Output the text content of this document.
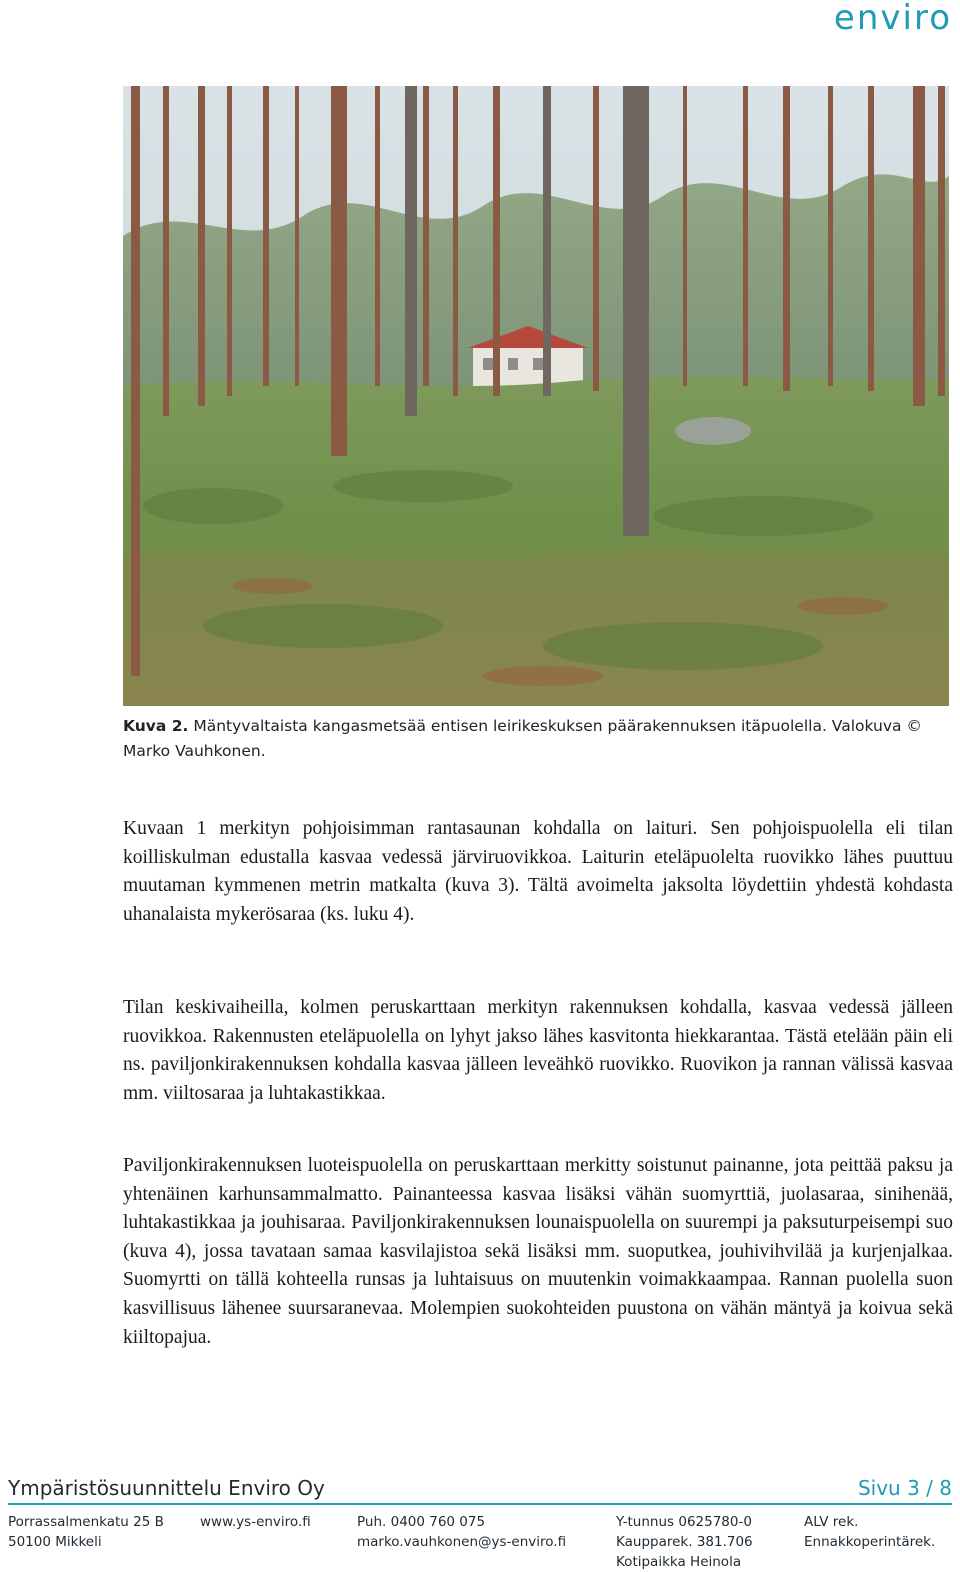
enviro
Kuva 2. Mäntyvaltaista kangasmetsää entisen leirikeskuksen päärakennuksen itäpuolella. Valokuva © Marko Vauhkonen.
Kuvaan 1 merkityn pohjoisimman rantasaunan kohdalla on laituri. Sen pohjoispuolella eli tilan koilliskulman edustalla kasvaa vedessä järviruovikkoa. Laiturin eteläpuolelta ruovikko lähes puuttuu muutaman kymmenen metrin matkalta (kuva 3). Tältä avoimelta jaksolta löydettiin yhdestä kohdasta uhanalaista mykerösaraa (ks. luku 4).
Tilan keskivaiheilla, kolmen peruskarttaan merkityn rakennuksen kohdalla, kasvaa vedessä jälleen ruovikkoa. Rakennusten eteläpuolella on lyhyt jakso lähes kasvitonta hiekkarantaa. Tästä etelään päin eli ns. paviljonkirakennuksen kohdalla kasvaa jälleen leveähkö ruovikko. Ruovikon ja rannan välissä kasvaa mm. viiltosaraa ja luhtakastikkaa.
Paviljonkirakennuksen luoteispuolella on peruskarttaan merkitty soistunut painanne, jota peittää paksu ja yhtenäinen karhunsammalmatto. Painanteessa kasvaa lisäksi vähän suomyrttiä, juolasaraa, sinihenää, luhtakastikkaa ja jouhisaraa. Paviljonkirakennuksen lounaispuolella on suurempi ja paksuturpeisempi suo (kuva 4), jossa tavataan samaa kasvilajistoa sekä lisäksi mm. suoputkea, jouhivihvilää ja kurjenjalkaa. Suomyrtti on tällä kohteella runsas ja luhtaisuus on muutenkin voimakkaampaa. Rannan puolella suon kasvillisuus lähenee suursaranevaa. Molempien suokohteiden puustona on vähän mäntyä ja koivua sekä kiiltopajua.
Ympäristösuunnittelu Enviro Oy	Sivu 3 / 8
Porrassalmenkatu 25 B
50100 Mikkeli
www.ys-enviro.fi	Puh. 0400 760 075
marko.vauhkonen@ys-enviro.fi
Y-tunnus 0625780-0
Kaupparek. 381.706
Kotipaikka Heinola
ALV rek.
Ennakkoperintärek.
